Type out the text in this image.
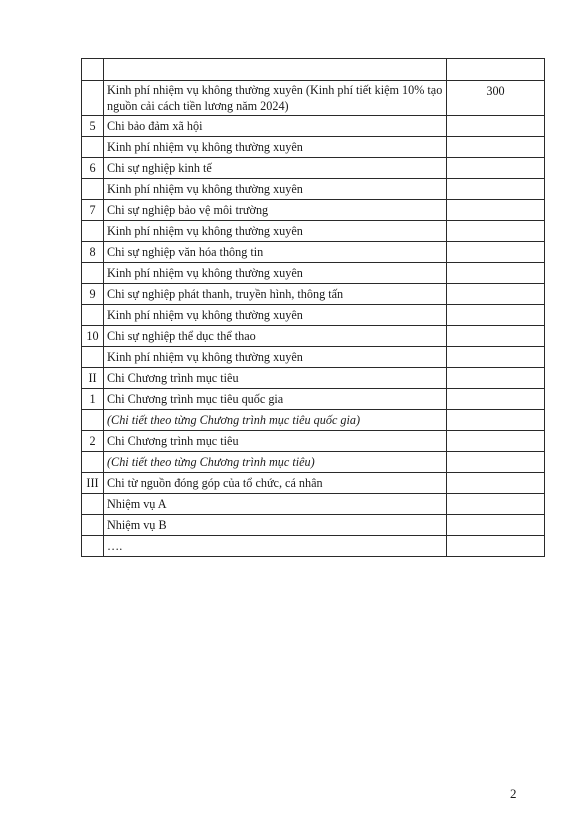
	Kinh phí nhiệm vụ không thường xuyên (Kinh phí tiết kiệm 10% tạo nguồn cải cách tiền lương năm 2024)	300
5	Chi bảo đảm xã hội	
	Kinh phí nhiệm vụ không thường xuyên	
6	Chi sự nghiệp kinh tế	
	Kinh phí nhiệm vụ không thường xuyên	
7	Chi sự nghiệp bảo vệ môi trường	
	Kinh phí nhiệm vụ không thường xuyên	
8	Chi sự nghiệp văn hóa thông tin	
	Kinh phí nhiệm vụ không thường xuyên	
9	Chi sự nghiệp phát thanh, truyền hình, thông tấn	
	Kinh phí nhiệm vụ không thường xuyên	
10	Chi sự nghiệp thể dục thể thao	
	Kinh phí nhiệm vụ không thường xuyên	
II	Chi Chương trình mục tiêu	
1	Chi Chương trình mục tiêu quốc gia	
	(Chi tiết theo từng Chương trình mục tiêu quốc gia)	
2	Chi Chương trình mục tiêu	
	(Chi tiết theo từng Chương trình mục tiêu)	
III	Chi từ nguồn đóng góp của tổ chức, cá nhân	
	Nhiệm vụ A	
	Nhiệm vụ B	
	….	
2
